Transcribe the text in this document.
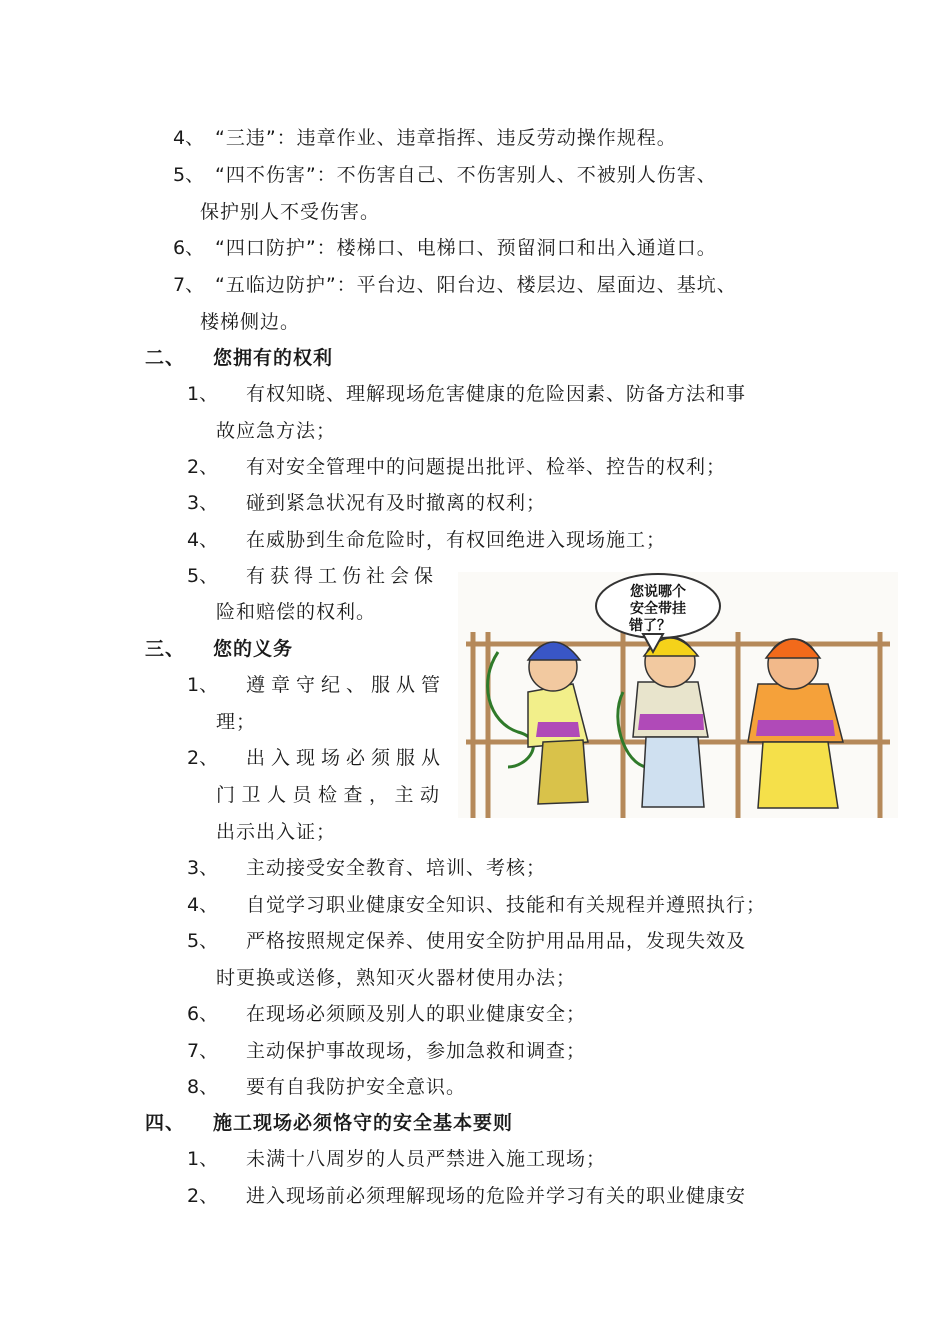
4、 “三违”：违章作业、违章指挥、违反劳动操作规程。
5、 “四不伤害”：不伤害自己、不伤害别人、不被别人伤害、
保护别人不受伤害。
6、 “四口防护”：楼梯口、电梯口、预留洞口和出入通道口。
7、 “五临边防护”：平台边、阳台边、楼层边、屋面边、基坑、
楼梯侧边。
二、 您拥有的权利
1、 有权知晓、理解现场危害健康的危险因素、防备方法和事
故应急方法；
2、 有对安全管理中的问题提出批评、检举、控告的权利；
3、 碰到紧急状况有及时撤离的权利；
4、 在威胁到生命危险时，有权回绝进入现场施工；
5、 有获得工伤社会保
险和赔偿的权利。
三、 您的义务
1、 遵章守纪、服从管
理；
2、 出入现场必须服从
门卫人员检查，主动
出示出入证；
3、 主动接受安全教育、培训、考核；
4、 自觉学习职业健康安全知识、技能和有关规程并遵照执行；
5、 严格按照规定保养、使用安全防护用品用品，发现失效及
时更换或送修，熟知灭火器材使用办法；
6、 在现场必须顾及别人的职业健康安全；
7、 主动保护事故现场，参加急救和调查；
8、 要有自我防护安全意识。
四、 施工现场必须恪守的安全基本要则
1、 未满十八周岁的人员严禁进入施工现场；
2、 进入现场前必须理解现场的危险并学习有关的职业健康安
您说哪个
安全带挂
错了？
